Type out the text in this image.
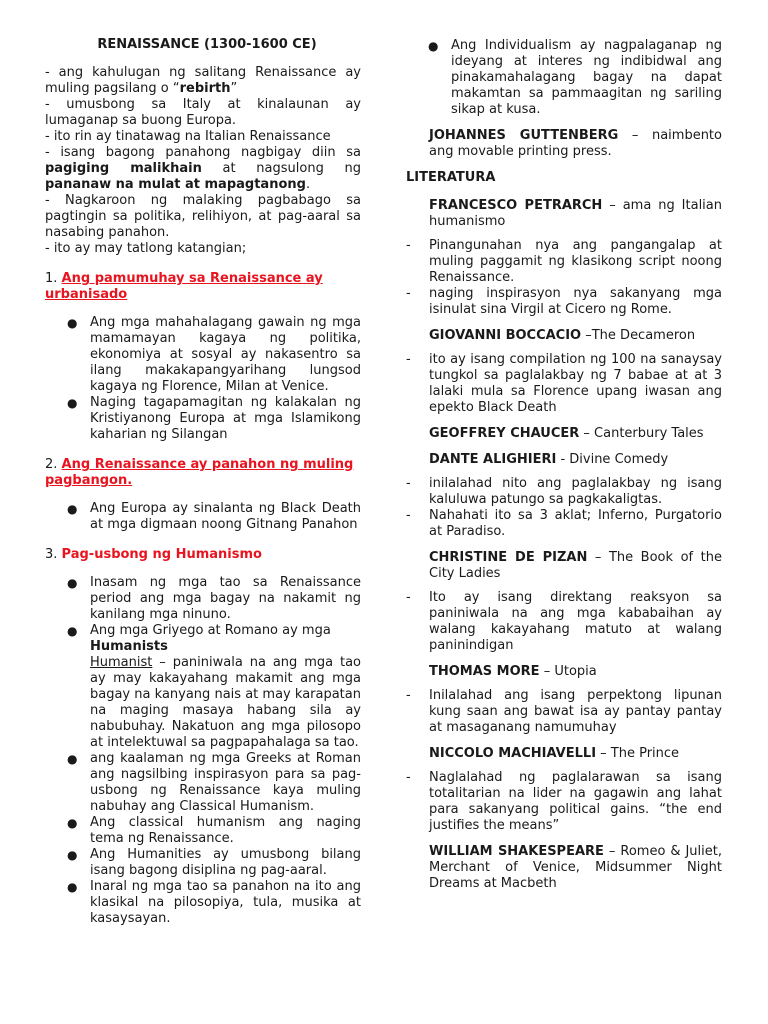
RENAISSANCE (1300-1600 CE)

- ang kahulugan ng salitang Renaissance ay muling pagsilang o “rebirth”

- umusbong sa Italy at kinalaunan ay lumaganap sa buong Europa.

- ito rin ay tinatawag na Italian Renaissance

- isang bagong panahong nagbigay diin sa pagiging malikhain at nagsulong ng pananaw na mulat at mapagtanong.

- Nagkaroon ng malaking pagbabago sa pagtingin sa politika, relihiyon, at pag-aaral sa nasabing panahon.

- ito ay may tatlong katangian;

1. Ang pamumuhay sa Renaissance ay urbanisado

● Ang mga mahahalagang gawain ng mga mamamayan kagaya ng politika, ekonomiya at sosyal ay nakasentro sa ilang makakapangyarihang lungsod kagaya ng Florence, Milan at Venice.
● Naging tagapamagitan ng kalakalan ng Kristiyanong Europa at mga Islamikong kaharian ng Silangan

2. Ang Renaissance ay panahon ng muling pagbangon.

● Ang Europa ay sinalanta ng Black Death at mga digmaan noong Gitnang Panahon

3. Pag-usbong ng Humanismo

● Inasam ng mga tao sa Renaissance period ang mga bagay na nakamit ng kanilang mga ninuno.
● Ang mga Griyego at Romano ay mga
Humanists
Humanist – paniniwala na ang mga tao ay may kakayahang makamit ang mga bagay na kanyang nais at may karapatan na maging masaya habang sila ay nabubuhay. Nakatuon ang mga pilosopo at intelektuwal sa pagpapahalaga sa tao.
● ang kaalaman ng mga Greeks at Roman ang nagsilbing inspirasyon para sa pag-usbong ng Renaissance kaya muling nabuhay ang Classical Humanism.
● Ang classical humanism ang naging tema ng Renaissance.
● Ang Humanities ay umusbong bilang isang bagong disiplina ng pag-aaral.
● Inaral ng mga tao sa panahon na ito ang klasikal na pilosopiya, tula, musika at kasaysayan.
● Ang Individualism ay nagpalaganap ng ideyang at interes ng indibidwal ang pinakamahalagang bagay na dapat makamtan sa pammaagitan ng sariling sikap at kusa.

JOHANNES GUTTENBERG – naimbento ang movable printing press.

LITERATURA

FRANCESCO PETRARCH – ama ng Italian humanismo

- Pinangunahan nya ang pangangalap at muling paggamit ng klasikong script noong Renaissance.
- naging inspirasyon nya sakanyang mga isinulat sina Virgil at Cicero ng Rome.

GIOVANNI BOCCACIO –The Decameron

- ito ay isang compilation ng 100 na sanaysay tungkol sa paglalakbay ng 7 babae at at 3 lalaki mula sa Florence upang iwasan ang epekto Black Death

GEOFFREY CHAUCER – Canterbury Tales

DANTE ALIGHIERI - Divine Comedy

- inilalahad nito ang paglalakbay ng isang kaluluwa patungo sa pagkakaligtas.
- Nahahati ito sa 3 aklat; Inferno, Purgatorio at Paradiso.

CHRISTINE DE PIZAN – The Book of the City Ladies

- Ito ay isang direktang reaksyon sa paniniwala na ang mga kababaihan ay walang kakayahang matuto at walang paninindigan

THOMAS MORE – Utopia

- Inilalahad ang isang perpektong lipunan kung saan ang bawat isa ay pantay pantay at masaganang namumuhay

NICCOLO MACHIAVELLI – The Prince

- Naglalahad ng paglalarawan sa isang totalitarian na lider na gagawin ang lahat para sakanyang political gains. “the end justifies the means”

WILLIAM SHAKESPEARE – Romeo & Juliet, Merchant of Venice, Midsummer Night Dreams at Macbeth
